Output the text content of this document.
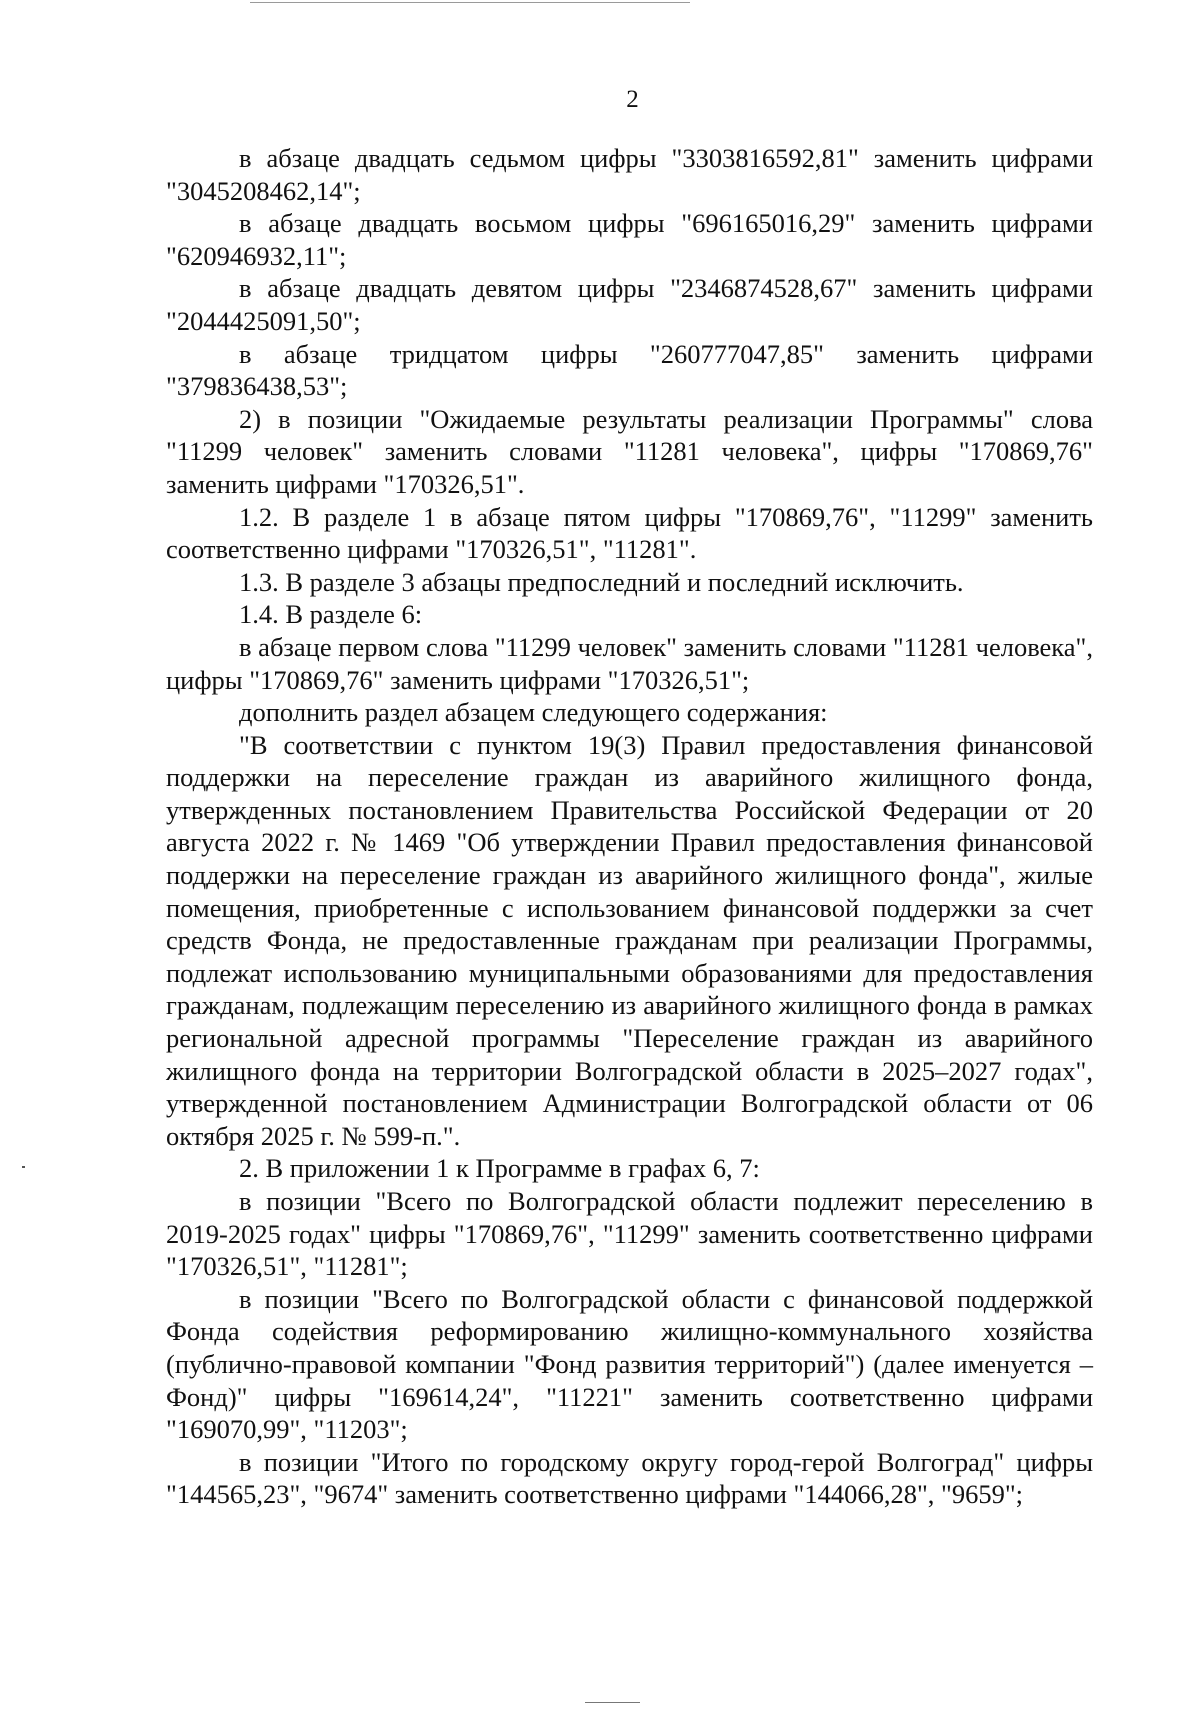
2

в абзаце двадцать седьмом цифры "3303816592,81" заменить цифрами "3045208462,14";

в абзаце двадцать восьмом цифры "696165016,29" заменить цифрами "620946932,11";

в абзаце двадцать девятом цифры "2346874528,67" заменить цифрами "2044425091,50";

в абзаце тридцатом цифры "260777047,85" заменить цифрами "379836438,53";

2) в позиции "Ожидаемые результаты реализации Программы" слова "11299 человек" заменить словами "11281 человека", цифры "170869,76" заменить цифрами "170326,51".

1.2. В разделе 1 в абзаце пятом цифры "170869,76", "11299" заменить соответственно цифрами "170326,51", "11281".

1.3. В разделе 3 абзацы предпоследний и последний исключить.

1.4. В разделе 6:

в абзаце первом слова "11299 человек" заменить словами "11281 человека", цифры "170869,76" заменить цифрами "170326,51";

дополнить раздел абзацем следующего содержания:

"В соответствии с пунктом 19(3) Правил предоставления финансовой поддержки на переселение граждан из аварийного жилищного фонда, утвержденных постановлением Правительства Российской Федерации от 20 августа 2022 г. № 1469 "Об утверждении Правил предоставления финансовой поддержки на переселение граждан из аварийного жилищного фонда", жилые помещения, приобретенные с использованием финансовой поддержки за счет средств Фонда, не предоставленные гражданам при реализации Программы, подлежат использованию муниципальными образованиями для предоставления гражданам, подлежащим переселению из аварийного жилищного фонда в рамках региональной адресной программы "Переселение граждан из аварийного жилищного фонда на территории Волгоградской области в 2025–2027 годах", утвержденной постановлением Администрации Волгоградской области от 06 октября 2025 г. № 599-п.".

2. В приложении 1 к Программе в графах 6, 7:

в позиции "Всего по Волгоградской области подлежит переселению в 2019-2025 годах" цифры "170869,76", "11299" заменить соответственно цифрами "170326,51", "11281";

в позиции "Всего по Волгоградской области с финансовой поддержкой Фонда содействия реформированию жилищно-коммунального хозяйства (публично-правовой компании "Фонд развития территорий") (далее именуется – Фонд)" цифры "169614,24", "11221" заменить соответственно цифрами "169070,99", "11203";

в позиции "Итого по городскому округу город-герой Волгоград" цифры "144565,23", "9674" заменить соответственно цифрами "144066,28", "9659";
